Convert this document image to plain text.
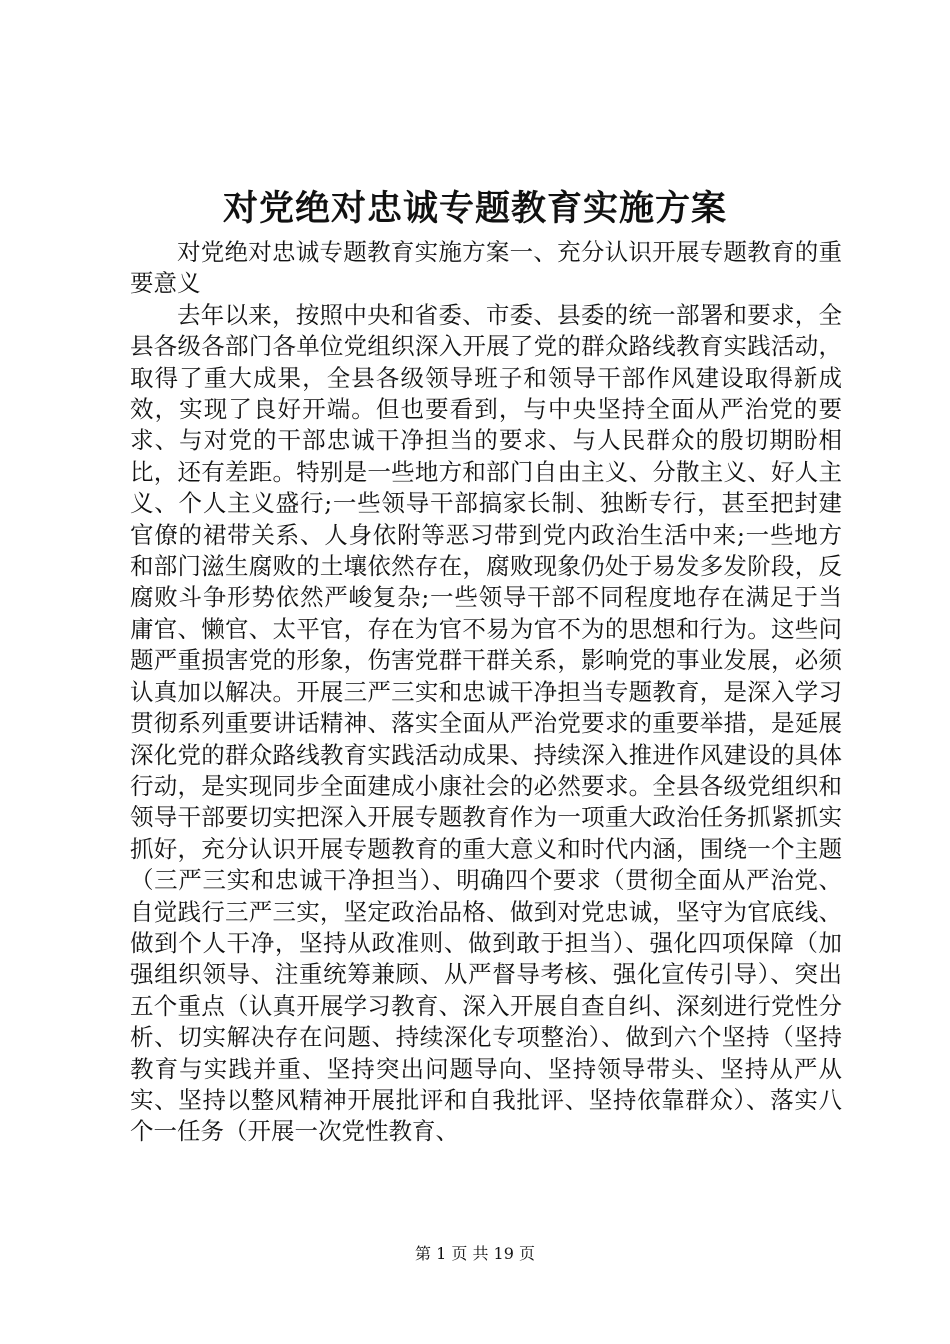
对党绝对忠诚专题教育实施方案

对党绝对忠诚专题教育实施方案一、充分认识开展专题教育的重要意义

去年以来，按照中央和省委、市委、县委的统一部署和要求，全县各级各部门各单位党组织深入开展了党的群众路线教育实践活动，取得了重大成果，全县各级领导班子和领导干部作风建设取得新成效，实现了良好开端。但也要看到，与中央坚持全面从严治党的要求、与对党的干部忠诚干净担当的要求、与人民群众的殷切期盼相比，还有差距。特别是一些地方和部门自由主义、分散主义、好人主义、个人主义盛行;一些领导干部搞家长制、独断专行，甚至把封建官僚的裙带关系、人身依附等恶习带到党内政治生活中来;一些地方和部门滋生腐败的土壤依然存在，腐败现象仍处于易发多发阶段，反腐败斗争形势依然严峻复杂;一些领导干部不同程度地存在满足于当庸官、懒官、太平官，存在为官不易为官不为的思想和行为。这些问题严重损害党的形象，伤害党群干群关系，影响党的事业发展，必须认真加以解决。开展三严三实和忠诚干净担当专题教育，是深入学习贯彻系列重要讲话精神、落实全面从严治党要求的重要举措，是延展深化党的群众路线教育实践活动成果、持续深入推进作风建设的具体行动，是实现同步全面建成小康社会的必然要求。全县各级党组织和领导干部要切实把深入开展专题教育作为一项重大政治任务抓紧抓实抓好，充分认识开展专题教育的重大意义和时代内涵，围绕一个主题（三严三实和忠诚干净担当）、明确四个要求（贯彻全面从严治党、自觉践行三严三实，坚定政治品格、做到对党忠诚，坚守为官底线、做到个人干净，坚持从政准则、做到敢于担当）、强化四项保障（加强组织领导、注重统筹兼顾、从严督导考核、强化宣传引导）、突出五个重点（认真开展学习教育、深入开展自查自纠、深刻进行党性分析、切实解决存在问题、持续深化专项整治）、做到六个坚持（坚持教育与实践并重、坚持突出问题导向、坚持领导带头、坚持从严从实、坚持以整风精神开展批评和自我批评、坚持依靠群众）、落实八个一任务（开展一次党性教育、

第 1 页 共 19 页
